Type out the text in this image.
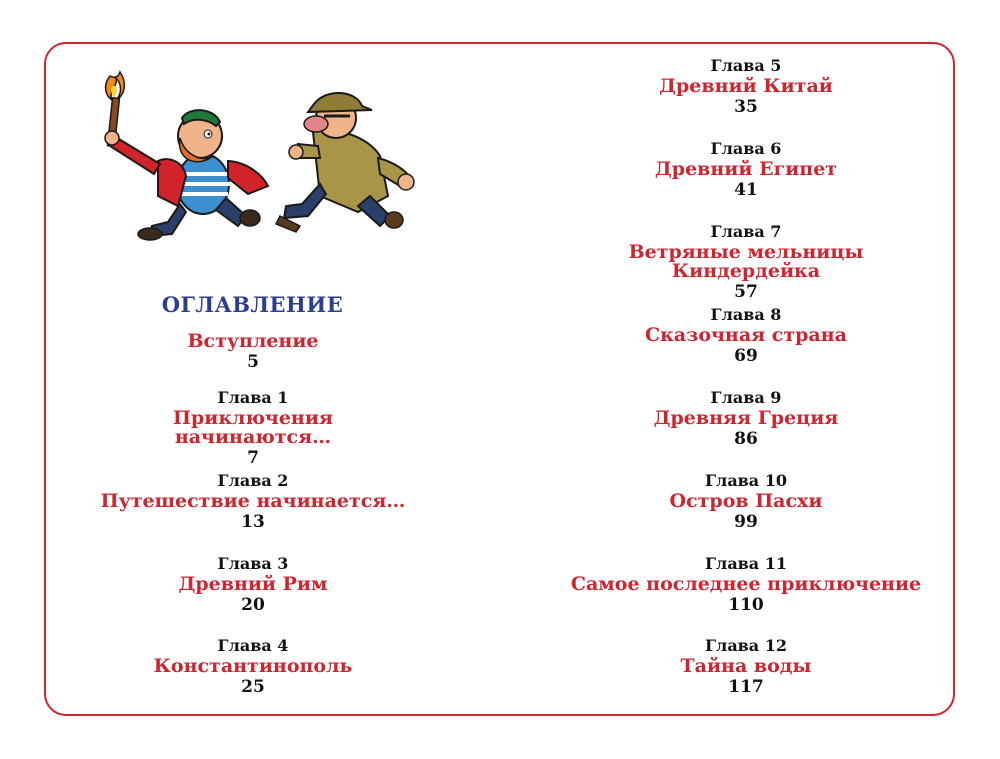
ОГЛАВЛЕНИЕ
Вступление
5
Глава 1
Приключения начинаются…
7
Глава 2
Путешествие начинается…
13
Глава 3
Древний Рим
20
Глава 4
Константинополь
25
Глава 5
Древний Китай
35
Глава 6
Древний Египет
41
Глава 7
Ветряные мельницы Киндердейка
57
Глава 8
Сказочная страна
69
Глава 9
Древняя Греция
86
Глава 10
Остров Пасхи
99
Глава 11
Самое последнее приключение
110
Глава 12
Тайна воды
117
